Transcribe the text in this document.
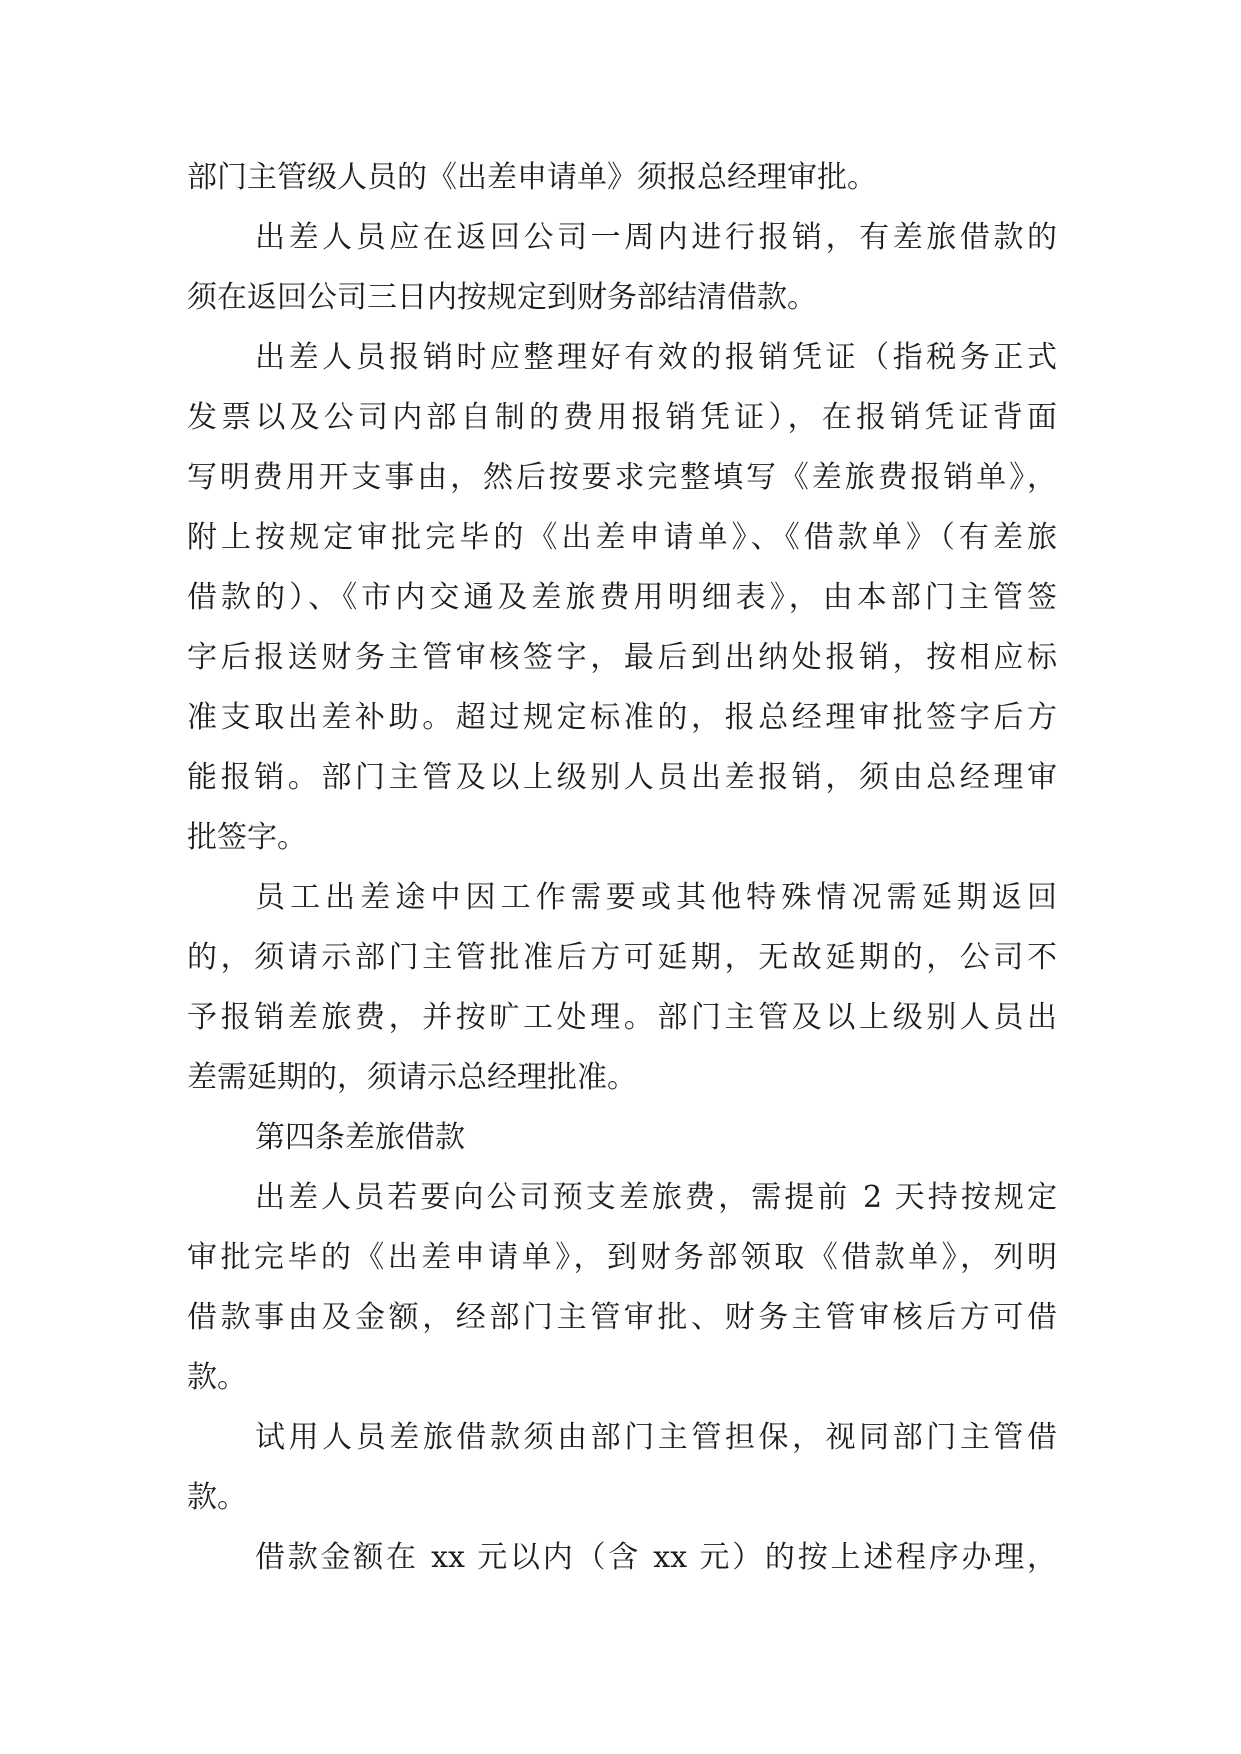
部门主管级人员的《出差申请单》须报总经理审批。
出差人员应在返回公司一周内进行报销，有差旅借款的
须在返回公司三日内按规定到财务部结清借款。
出差人员报销时应整理好有效的报销凭证（指税务正式
发票以及公司内部自制的费用报销凭证），在报销凭证背面
写明费用开支事由，然后按要求完整填写《差旅费报销单》，
附上按规定审批完毕的《出差申请单》、《借款单》（有差旅
借款的）、《市内交通及差旅费用明细表》，由本部门主管签
字后报送财务主管审核签字，最后到出纳处报销，按相应标
准支取出差补助。超过规定标准的，报总经理审批签字后方
能报销。部门主管及以上级别人员出差报销，须由总经理审
批签字。
员工出差途中因工作需要或其他特殊情况需延期返回
的，须请示部门主管批准后方可延期，无故延期的，公司不
予报销差旅费，并按旷工处理。部门主管及以上级别人员出
差需延期的，须请示总经理批准。
第四条差旅借款
出差人员若要向公司预支差旅费，需提前 2 天持按规定
审批完毕的《出差申请单》，到财务部领取《借款单》，列明
借款事由及金额，经部门主管审批、财务主管审核后方可借
款。
试用人员差旅借款须由部门主管担保，视同部门主管借
款。
借款金额在 xx 元以内（含 xx 元）的按上述程序办理，
